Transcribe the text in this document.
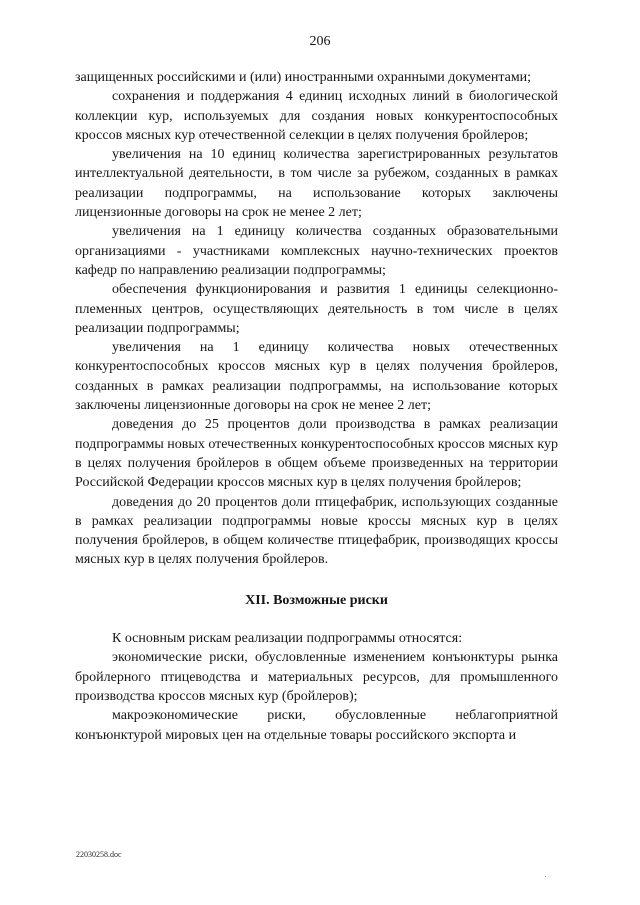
206

защищенных российскими и (или) иностранными охранными документами;

сохранения и поддержания 4 единиц исходных линий в биологической коллекции кур, используемых для создания новых конкурентоспособных кроссов мясных кур отечественной селекции в целях получения бройлеров;

увеличения на 10 единиц количества зарегистрированных результатов интеллектуальной деятельности, в том числе за рубежом, созданных в рамках реализации подпрограммы, на использование которых заключены лицензионные договоры на срок не менее 2 лет;

увеличения на 1 единицу количества созданных образовательными организациями - участниками комплексных научно-технических проектов кафедр по направлению реализации подпрограммы;

обеспечения функционирования и развития 1 единицы селекционно-племенных центров, осуществляющих деятельность в том числе в целях реализации подпрограммы;

увеличения на 1 единицу количества новых отечественных конкурентоспособных кроссов мясных кур в целях получения бройлеров, созданных в рамках реализации подпрограммы, на использование которых заключены лицензионные договоры на срок не менее 2 лет;

доведения до 25 процентов доли производства в рамках реализации подпрограммы новых отечественных конкурентоспособных кроссов мясных кур в целях получения бройлеров в общем объеме произведенных на территории Российской Федерации кроссов мясных кур в целях получения бройлеров;

доведения до 20 процентов доли птицефабрик, использующих созданные в рамках реализации подпрограммы новые кроссы мясных кур в целях получения бройлеров, в общем количестве птицефабрик, производящих кроссы мясных кур в целях получения бройлеров.

XII. Возможные риски

К основным рискам реализации подпрограммы относятся:

экономические риски, обусловленные изменением конъюнктуры рынка бройлерного птицеводства и материальных ресурсов, для промышленного производства кроссов мясных кур (бройлеров);

макроэкономические риски, обусловленные неблагоприятной конъюнктурой мировых цен на отдельные товары российского экспорта и

22030258.doc
